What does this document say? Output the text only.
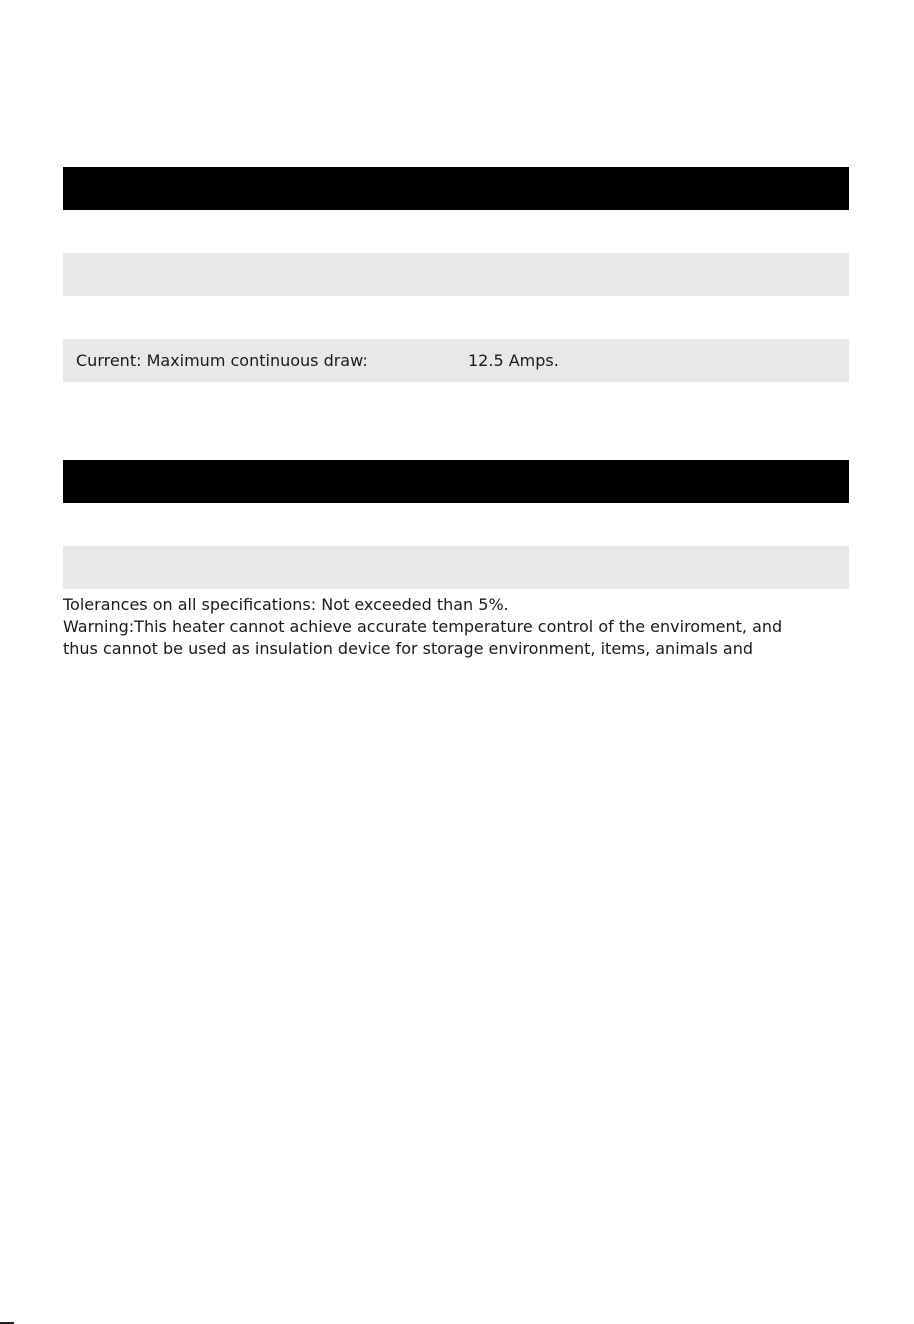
Current: Maximum continuous draw:	12.5 Amps.
Tolerances on all specifications: Not exceeded than 5%.
Warning:This heater cannot achieve accurate temperature control of the enviroment, and
thus cannot be used as insulation device for storage environment, items, animals and
